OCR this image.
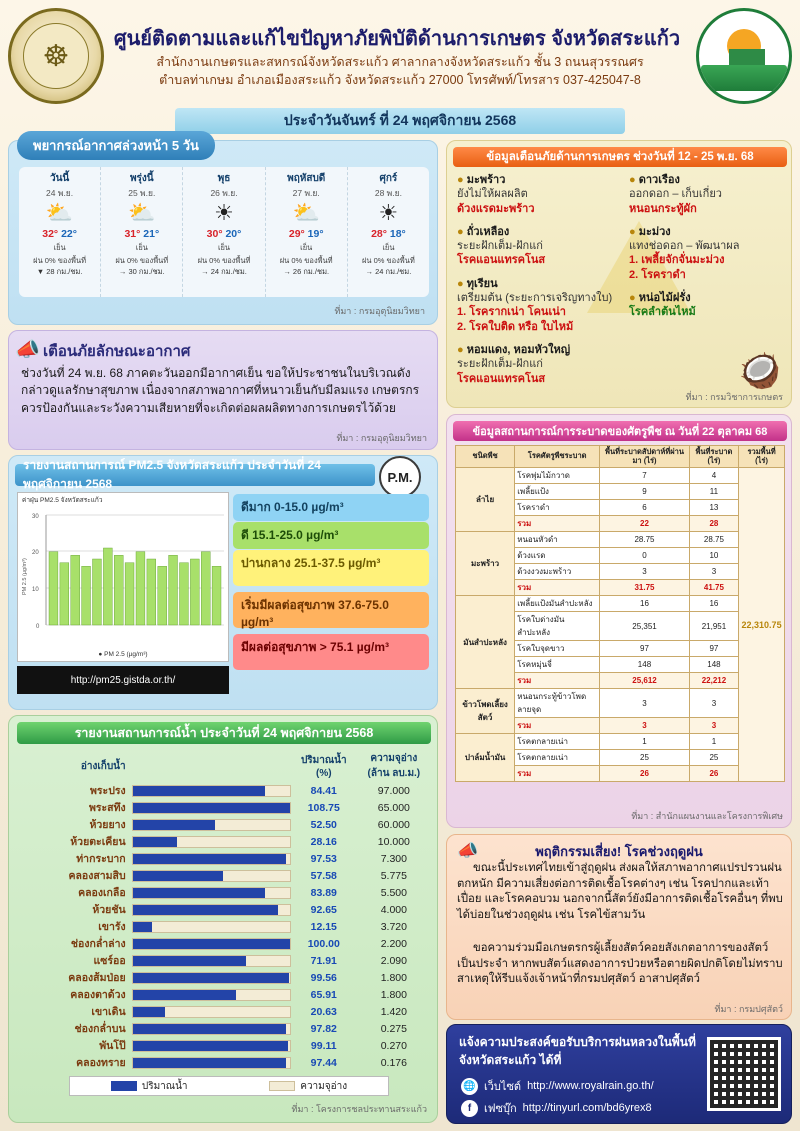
☸
ศูนย์ติดตามและแก้ไขปัญหาภัยพิบัติด้านการเกษตร จังหวัดสระแก้ว
สำนักงานเกษตรและสหกรณ์จังหวัดสระแก้ว ศาลากลางจังหวัดสระแก้ว ชั้น 3 ถนนสุวรรณศร
ตำบลท่าเกษม อำเภอเมืองสระแก้ว จังหวัดสระแก้ว 27000 โทรศัพท์/โทรสาร 037-425047-8
ประจำวันจันทร์ ที่ 24 พฤศจิกายน 2568
พยากรณ์อากาศล่วงหน้า 5 วัน
วันนี้
24 พ.ย.
⛅
32° 22°
เย็น
ฝน 0% ของพื้นที่
▼ 28 กม./ชม.
พรุ่งนี้
25 พ.ย.
⛅
31° 21°
เย็น
ฝน 0% ของพื้นที่
→ 30 กม./ชม.
พุธ
26 พ.ย.
☀
30° 20°
เย็น
ฝน 0% ของพื้นที่
→ 24 กม./ชม.
พฤหัสบดี
27 พ.ย.
⛅
29° 19°
เย็น
ฝน 0% ของพื้นที่
→ 26 กม./ชม.
ศุกร์
28 พ.ย.
☀
28° 18°
เย็น
ฝน 0% ของพื้นที่
→ 24 กม./ชม.
ที่มา : กรมอุตุนิยมวิทยา
📣 เตือนภัยลักษณะอากาศ

ช่วงวันที่ 24 พ.ย. 68 ภาคตะวันออกมีอากาศเย็น ขอให้ประชาชนในบริเวณดังกล่าวดูแลรักษาสุขภาพ เนื่องจากสภาพอากาศที่หนาวเย็นกับมีลมแรง เกษตรกรควรป้องกันและระวังความเสียหายที่จะเกิดต่อผลผลิตทางการเกษตรไว้ด้วย

ที่มา : กรมอุตุนิยมวิทยา
รายงานสถานการณ์ PM2.5 จังหวัดสระแก้ว ประจำวันที่ 24 พฤศจิกายน 2568	P.M.
ค่าฝุ่น PM2.5 จังหวัดสระแก้ว
0
10
20
30
PM 2.5 (µg/m³)
● PM 2.5 (µg/m³)
http://pm25.gistda.or.th/
ดีมาก 0-15.0 µg/m³
ดี 15.1-25.0 µg/m³
ปานกลาง 25.1-37.5 µg/m³
เริ่มมีผลต่อสุขภาพ 37.6-75.0 µg/m³
มีผลต่อสุขภาพ > 75.1 µg/m³
รายงานสถานการณ์น้ำ ประจำวันที่ 24 พฤศจิกายน 2568
อ่างเก็บน้ำ		ปริมาณน้ำ (%)	ความจุอ่าง (ล้าน ลบ.ม.)
พระปรง		84.41	97.000
พระสทึง		108.75	65.000
ห้วยยาง		52.50	60.000
ห้วยตะเคียน		28.16	10.000
ท่ากระบาก		97.53	7.300
คลองสามสิบ		57.58	5.775
คลองเกลือ		83.89	5.500
ห้วยชัน		92.65	4.000
เขารัง		12.15	3.720
ช่องกล่ำล่าง		100.00	2.200
แซร์ออ		71.91	2.090
คลองส้มป่อย		99.56	1.800
คลองตาด้วง		65.91	1.800
เขาเดิน		20.63	1.420
ช่องกล่ำบน		97.82	0.275
พันโป๊		99.11	0.270
คลองทราย		97.44	0.176
ปริมาณน้ำ	ความจุอ่าง
ที่มา : โครงการชลประทานสระแก้ว
ข้อมูลเตือนภัยด้านการเกษตร ช่วงวันที่ 12 - 25 พ.ย. 68
● มะพร้าว
ยังไม่ให้ผลผลิต
ด้วงแรดมะพร้าว
● ถั่วเหลือง
ระยะฝักเต็ม-ฝักแก่
โรคแอนแทรคโนส
● ทุเรียน
เตรียมต้น (ระยะการเจริญทางใบ)
1. โรครากเน่า โคนเน่า
2. โรคใบติด หรือ ใบไหม้
● หอมแดง, หอมหัวใหญ่
ระยะฝักเต็ม-ฝักแก่
โรคแอนแทรคโนส
● ดาวเรือง
ออกดอก – เก็บเกี่ยว
หนอนกระทู้ผัก
● มะม่วง
แทงช่อดอก – พัฒนาผล
1. เพลี้ยจักจั่นมะม่วง
2. โรคราดำ
● หน่อไม้ฝรั่ง
โรคลำต้นไหม้
🥥
ที่มา : กรมวิชาการเกษตร
ข้อมูลสถานการณ์การระบาดของศัตรูพืช ณ วันที่ 22 ตุลาคม 68
ชนิดพืช	โรคศัตรูพืชระบาด	พื้นที่ระบาดสัปดาห์ที่ผ่านมา (ไร่)	พื้นที่ระบาด (ไร่)	รวมพื้นที่ (ไร่)
ลำไย	โรคพุ่มไม้กวาด	7	4	22,310.75
	เพลี้ยแป้ง	9	11	
	โรคราดำ	6	13	
	รวม	22	28	
มะพร้าว	หนอนหัวดำ	28.75	28.75	
	ด้วงแรด	0	10	
	ด้วงงวงมะพร้าว	3	3	
	รวม	31.75	41.75	
มันสำปะหลัง	เพลี้ยแป้งมันสำปะหลัง	16	16	
	โรคใบด่างมันสำปะหลัง	25,351	21,951	
	โรคใบจุดขาว	97	97	
	โรคหมุ่นจี่	148	148	
	รวม	25,612	22,212	
ข้าวโพดเลี้ยงสัตว์	หนอนกระทู้ข้าวโพดลายจุด	3	3	
	รวม	3	3	
ปาล์มน้ำมัน	โรคตกลายเน่า	1	1	
	โรคตกลายเน่า	25	25	
	รวม	26	26	
ที่มา : สำนักแผนงานและโครงการพิเศษ
📣	พฤติกรรมเสี่ยง! โรคช่วงฤดูฝน

ขณะนี้ประเทศไทยเข้าสู่ฤดูฝน ส่งผลให้สภาพอากาศแปรปรวนฝนตกหนัก มีความเสี่ยงต่อการติดเชื้อโรคต่างๆ เช่น โรคปากและเท้าเปื่อย และโรคคอบวม นอกจากนี้สัตว์ยังมีอาการติดเชื้อโรคอื่นๆ ที่พบได้บ่อยในช่วงฤดูฝน เช่น โรคไข้สามวัน

ขอความร่วมมือเกษตรกรผู้เลี้ยงสัตว์คอยสังเกตอาการของสัตว์ เป็นประจำ หากพบสัตว์แสดงอาการป่วยหรือตายผิดปกติโดยไม่ทราบสาเหตุให้รีบแจ้งเจ้าหน้าที่กรมปศุสัตว์ อาสาปศุสัตว์

ที่มา : กรมปศุสัตว์
แจ้งความประสงค์ขอรับบริการฝนหลวงในพื้นที่
จังหวัดสระแก้ว ได้ที่
🌐 เว็บไซต์ http://www.royalrain.go.th/
f	เฟซบุ๊ก http://tinyurl.com/bd6yrex8
